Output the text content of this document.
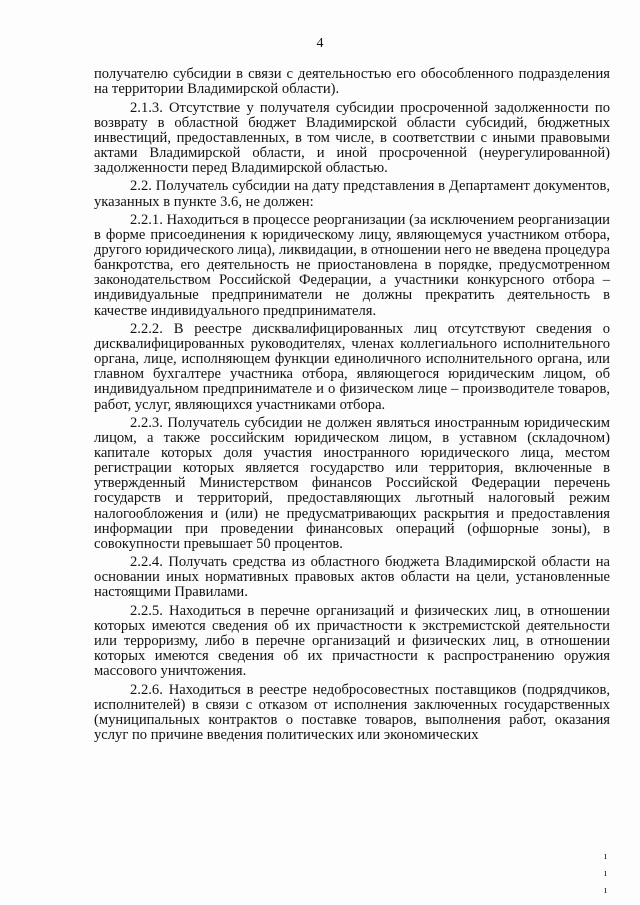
4

получателю субсидии в связи с деятельностью его обособленного подразделения на территории Владимирской области).

2.1.3. Отсутствие у получателя субсидии просроченной задолженности по возврату в областной бюджет Владимирской области субсидий, бюджетных инвестиций, предоставленных, в том числе, в соответствии с иными правовыми актами Владимирской области, и иной просроченной (неурегулированной) задолженности перед Владимирской областью.

2.2. Получатель субсидии на дату представления в Департамент документов, указанных в пункте 3.6, не должен:

2.2.1. Находиться в процессе реорганизации (за исключением реорганизации в форме присоединения к юридическому лицу, являющемуся участником отбора, другого юридического лица), ликвидации, в отношении него не введена процедура банкротства, его деятельность не приостановлена в порядке, предусмотренном законодательством Российской Федерации, а участники конкурсного отбора – индивидуальные предприниматели не должны прекратить деятельность в качестве индивидуального предпринимателя.

2.2.2. В реестре дисквалифицированных лиц отсутствуют сведения о дисквалифицированных руководителях, членах коллегиального исполнительного органа, лице, исполняющем функции единоличного исполнительного органа, или главном бухгалтере участника отбора, являющегося юридическим лицом, об индивидуальном предпринимателе и о физическом лице – производителе товаров, работ, услуг, являющихся участниками отбора.

2.2.3. Получатель субсидии не должен являться иностранным юридическим лицом, а также российским юридическом лицом, в уставном (складочном) капитале которых доля участия иностранного юридического лица, местом регистрации которых является государство или территория, включенные в утвержденный Министерством финансов Российской Федерации перечень государств и территорий, предоставляющих льготный налоговый режим налогообложения и (или) не предусматривающих раскрытия и предоставления информации при проведении финансовых операций (офшорные зоны), в совокупности превышает 50 процентов.

2.2.4. Получать средства из областного бюджета Владимирской области на основании иных нормативных правовых актов области на цели, установленные настоящими Правилами.

2.2.5. Находиться в перечне организаций и физических лиц, в отношении которых имеются сведения об их причастности к экстремистской деятельности или терроризму, либо в перечне организаций и физических лиц, в отношении которых имеются сведения об их причастности к распространению оружия массового уничтожения.

2.2.6. Находиться в реестре недобросовестных поставщиков (подрядчиков, исполнителей) в связи с отказом от исполнения заключенных государственных (муниципальных контрактов о поставке товаров, выполнения работ, оказания услуг по причине введения политических или экономических

ı
ı
ı
